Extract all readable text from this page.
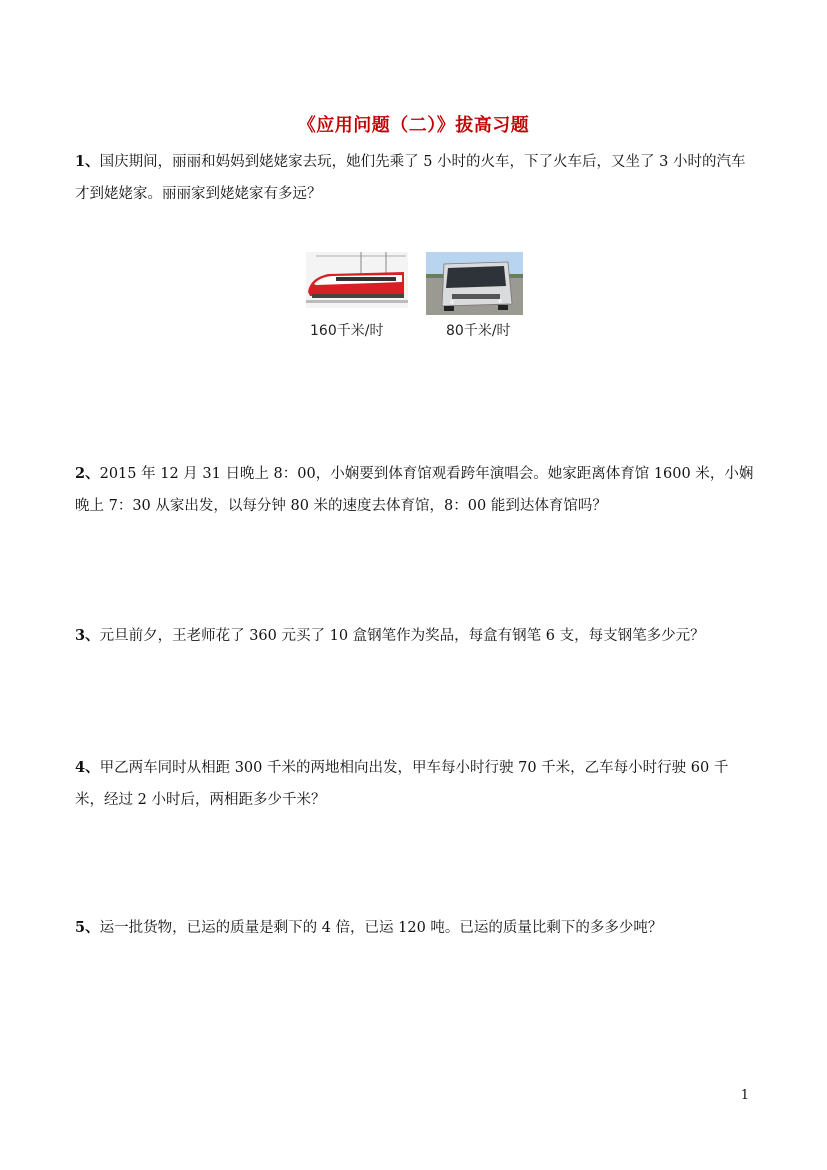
《应用问题（二）》拔高习题
1、国庆期间，丽丽和妈妈到姥姥家去玩，她们先乘了 5 小时的火车，下了火车后，又坐了 3 小时的汽车才到姥姥家。丽丽家到姥姥家有多远？
160千米/时	80千米/时
2、2015 年 12 月 31 日晚上 8：00，小娴要到体育馆观看跨年演唱会。她家距离体育馆 1600 米，小娴晚上 7：30 从家出发，以每分钟 80 米的速度去体育馆，8：00 能到达体育馆吗？
3、元旦前夕，王老师花了 360 元买了 10 盒钢笔作为奖品，每盒有钢笔 6 支，每支钢笔多少元？
4、甲乙两车同时从相距 300 千米的两地相向出发，甲车每小时行驶 70 千米，乙车每小时行驶 60 千米，经过 2 小时后，两相距多少千米？
5、运一批货物，已运的质量是剩下的 4 倍，已运 120 吨。已运的质量比剩下的多多少吨？
1
